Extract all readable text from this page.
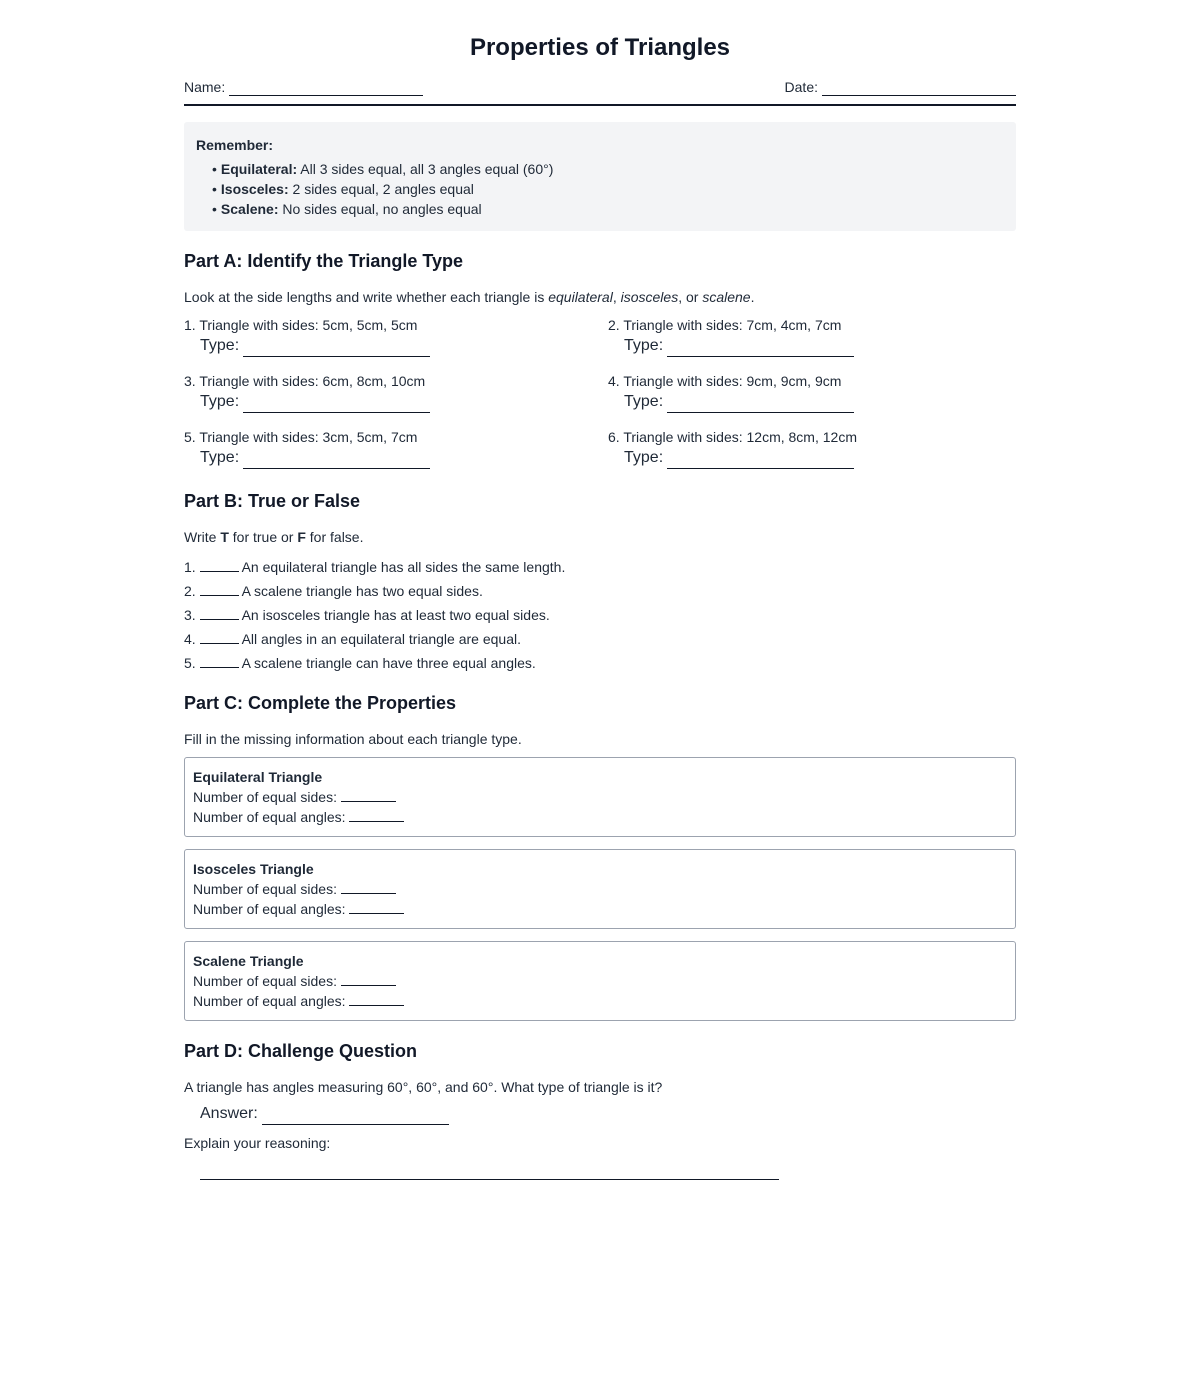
Properties of Triangles
Name:	Date:
Remember:
• Equilateral: All 3 sides equal, all 3 angles equal (60°)
• Isosceles: 2 sides equal, 2 angles equal
• Scalene: No sides equal, no angles equal
Part A: Identify the Triangle Type
Look at the side lengths and write whether each triangle is equilateral, isosceles, or scalene.
1. Triangle with sides: 5cm, 5cm, 5cm
Type:
2. Triangle with sides: 7cm, 4cm, 7cm
Type:
3. Triangle with sides: 6cm, 8cm, 10cm
Type:
4. Triangle with sides: 9cm, 9cm, 9cm
Type:
5. Triangle with sides: 3cm, 5cm, 7cm
Type:
6. Triangle with sides: 12cm, 8cm, 12cm
Type:
Part B: True or False
Write T for true or F for false.
1.	An equilateral triangle has all sides the same length.
2.	A scalene triangle has two equal sides.
3.	An isosceles triangle has at least two equal sides.
4.	All angles in an equilateral triangle are equal.
5.	A scalene triangle can have three equal angles.
Part C: Complete the Properties
Fill in the missing information about each triangle type.
Equilateral Triangle
Number of equal sides:
Number of equal angles:
Isosceles Triangle
Number of equal sides:
Number of equal angles:
Scalene Triangle
Number of equal sides:
Number of equal angles:
Part D: Challenge Question
A triangle has angles measuring 60°, 60°, and 60°. What type of triangle is it?
Answer:
Explain your reasoning:
